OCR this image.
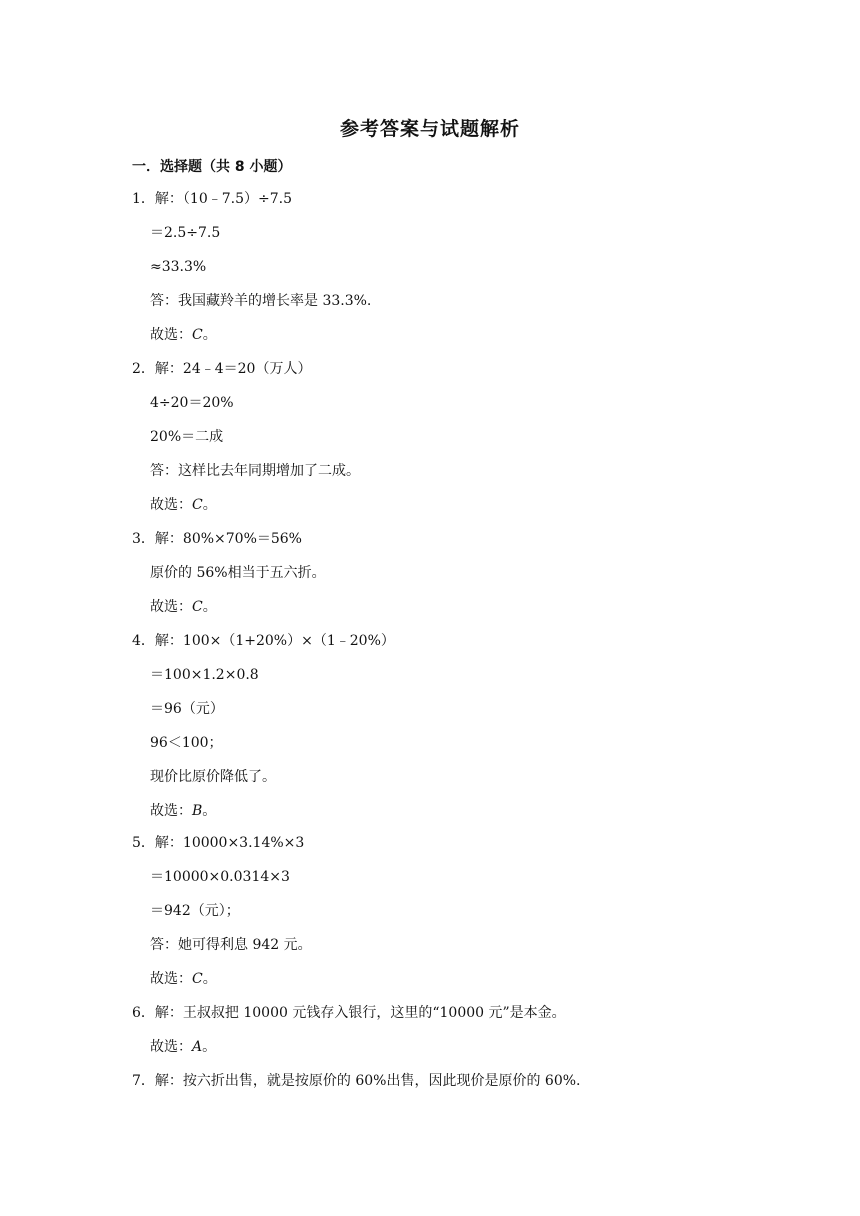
参考答案与试题解析
一．选择题（共 8 小题）
1．解：（10﹣7.5）÷7.5
＝2.5÷7.5
≈33.3%
答：我国藏羚羊的增长率是 33.3%.
故选：C。
2．解：24﹣4＝20（万人）
4÷20＝20%
20%＝二成
答：这样比去年同期增加了二成。
故选：C。
3．解：80%×70%＝56%
原价的 56%相当于五六折。
故选：C。
4．解：100×（1+20%）×（1﹣20%）
＝100×1.2×0.8
＝96（元）
96＜100；
现价比原价降低了。
故选：B。
5．解：10000×3.14%×3
＝10000×0.0314×3
＝942（元）；
答：她可得利息 942 元。
故选：C。
6．解：王叔叔把 10000 元钱存入银行，这里的“10000 元”是本金。
故选：A。
7．解：按六折出售，就是按原价的 60%出售，因此现价是原价的 60%.
